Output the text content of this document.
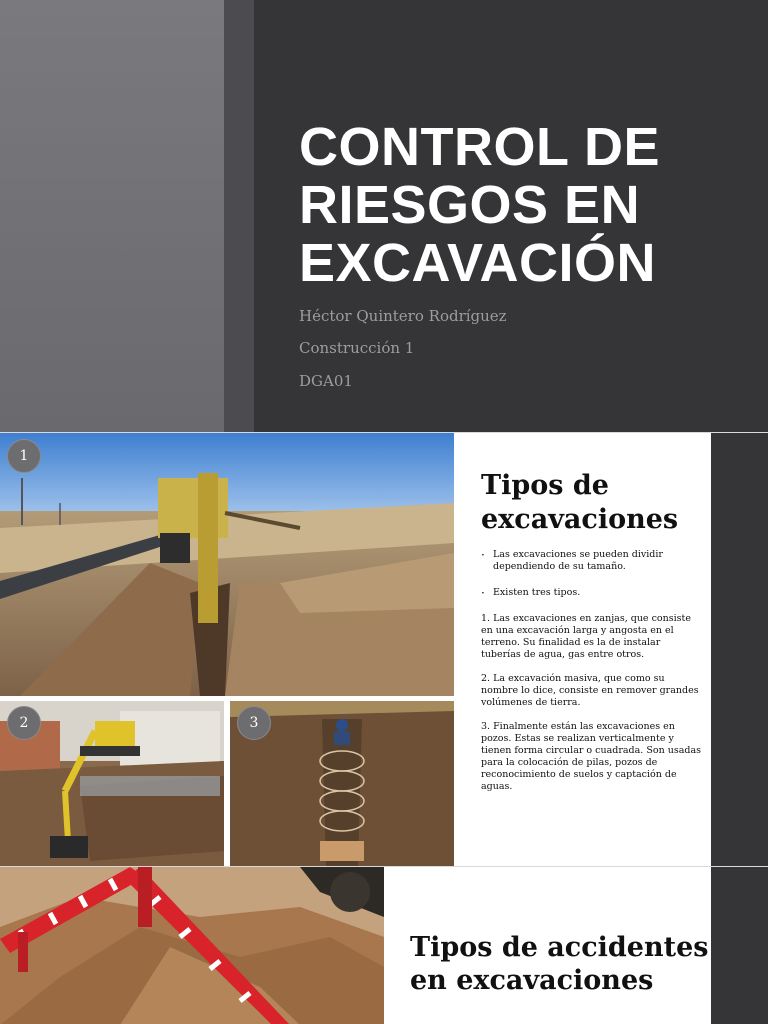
CONTROL DE
RIESGOS EN
EXCAVACIÓN
Héctor Quintero Rodríguez
Construcción 1
DGA01
1
2	3
Tipos de
excavaciones
· Las excavaciones se pueden dividir dependiendo de su tamaño.
· Existen tres tipos.
1. Las excavaciones en zanjas, que consiste en una excavación larga y angosta en el terreno. Su finalidad es la de instalar tuberías de agua, gas entre otros.
2. La excavación masiva, que como su nombre lo dice, consiste en remover grandes volúmenes de tierra.
3. Finalmente están las excavaciones en pozos. Estas se realizan verticalmente y tienen forma circular o cuadrada. Son usadas para la colocación de pilas, pozos de reconocimiento de suelos y captación de aguas.
Tipos de accidentes
en excavaciones
